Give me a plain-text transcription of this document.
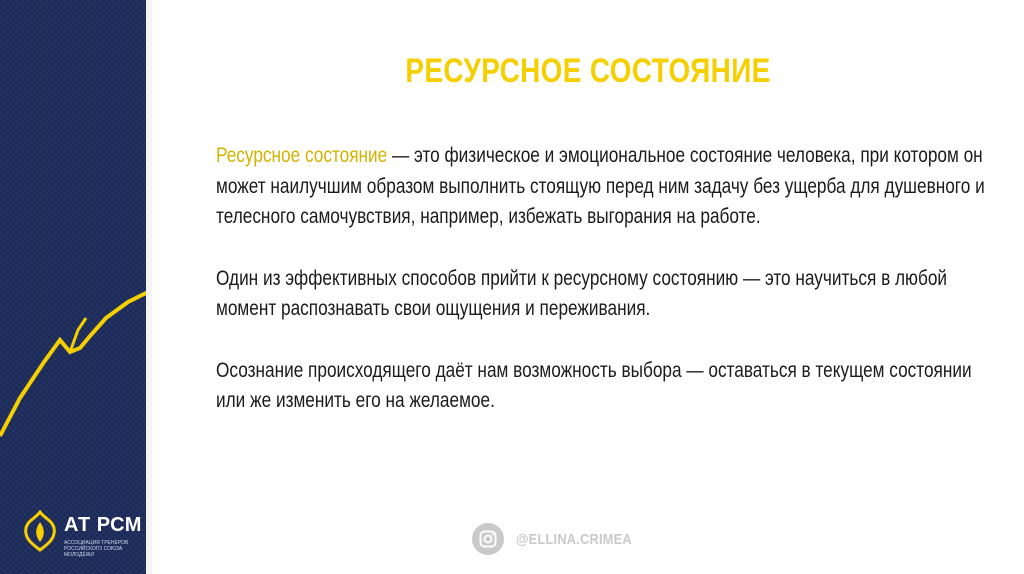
АТ РСМ
АССОЦИАЦИЯ ТРЕНЕРОВ РОССИЙСКОГО СОЮЗА МОЛОДЁЖИ
РЕСУРСНОЕ СОСТОЯНИЕ

Ресурсное состояние — это физическое и эмоциональное состояние человека, при котором он может наилучшим образом выполнить стоящую перед ним задачу без ущерба для душевного и телесного самочувствия, например, избежать выгорания на работе.

Один из эффективных способов прийти к ресурсному состоянию — это научиться в любой момент распознавать свои ощущения и переживания.

Осознание происходящего даёт нам возможность выбора — оставаться в текущем состоянии или же изменить его на желаемое.

@ELLINA.CRIMEA
